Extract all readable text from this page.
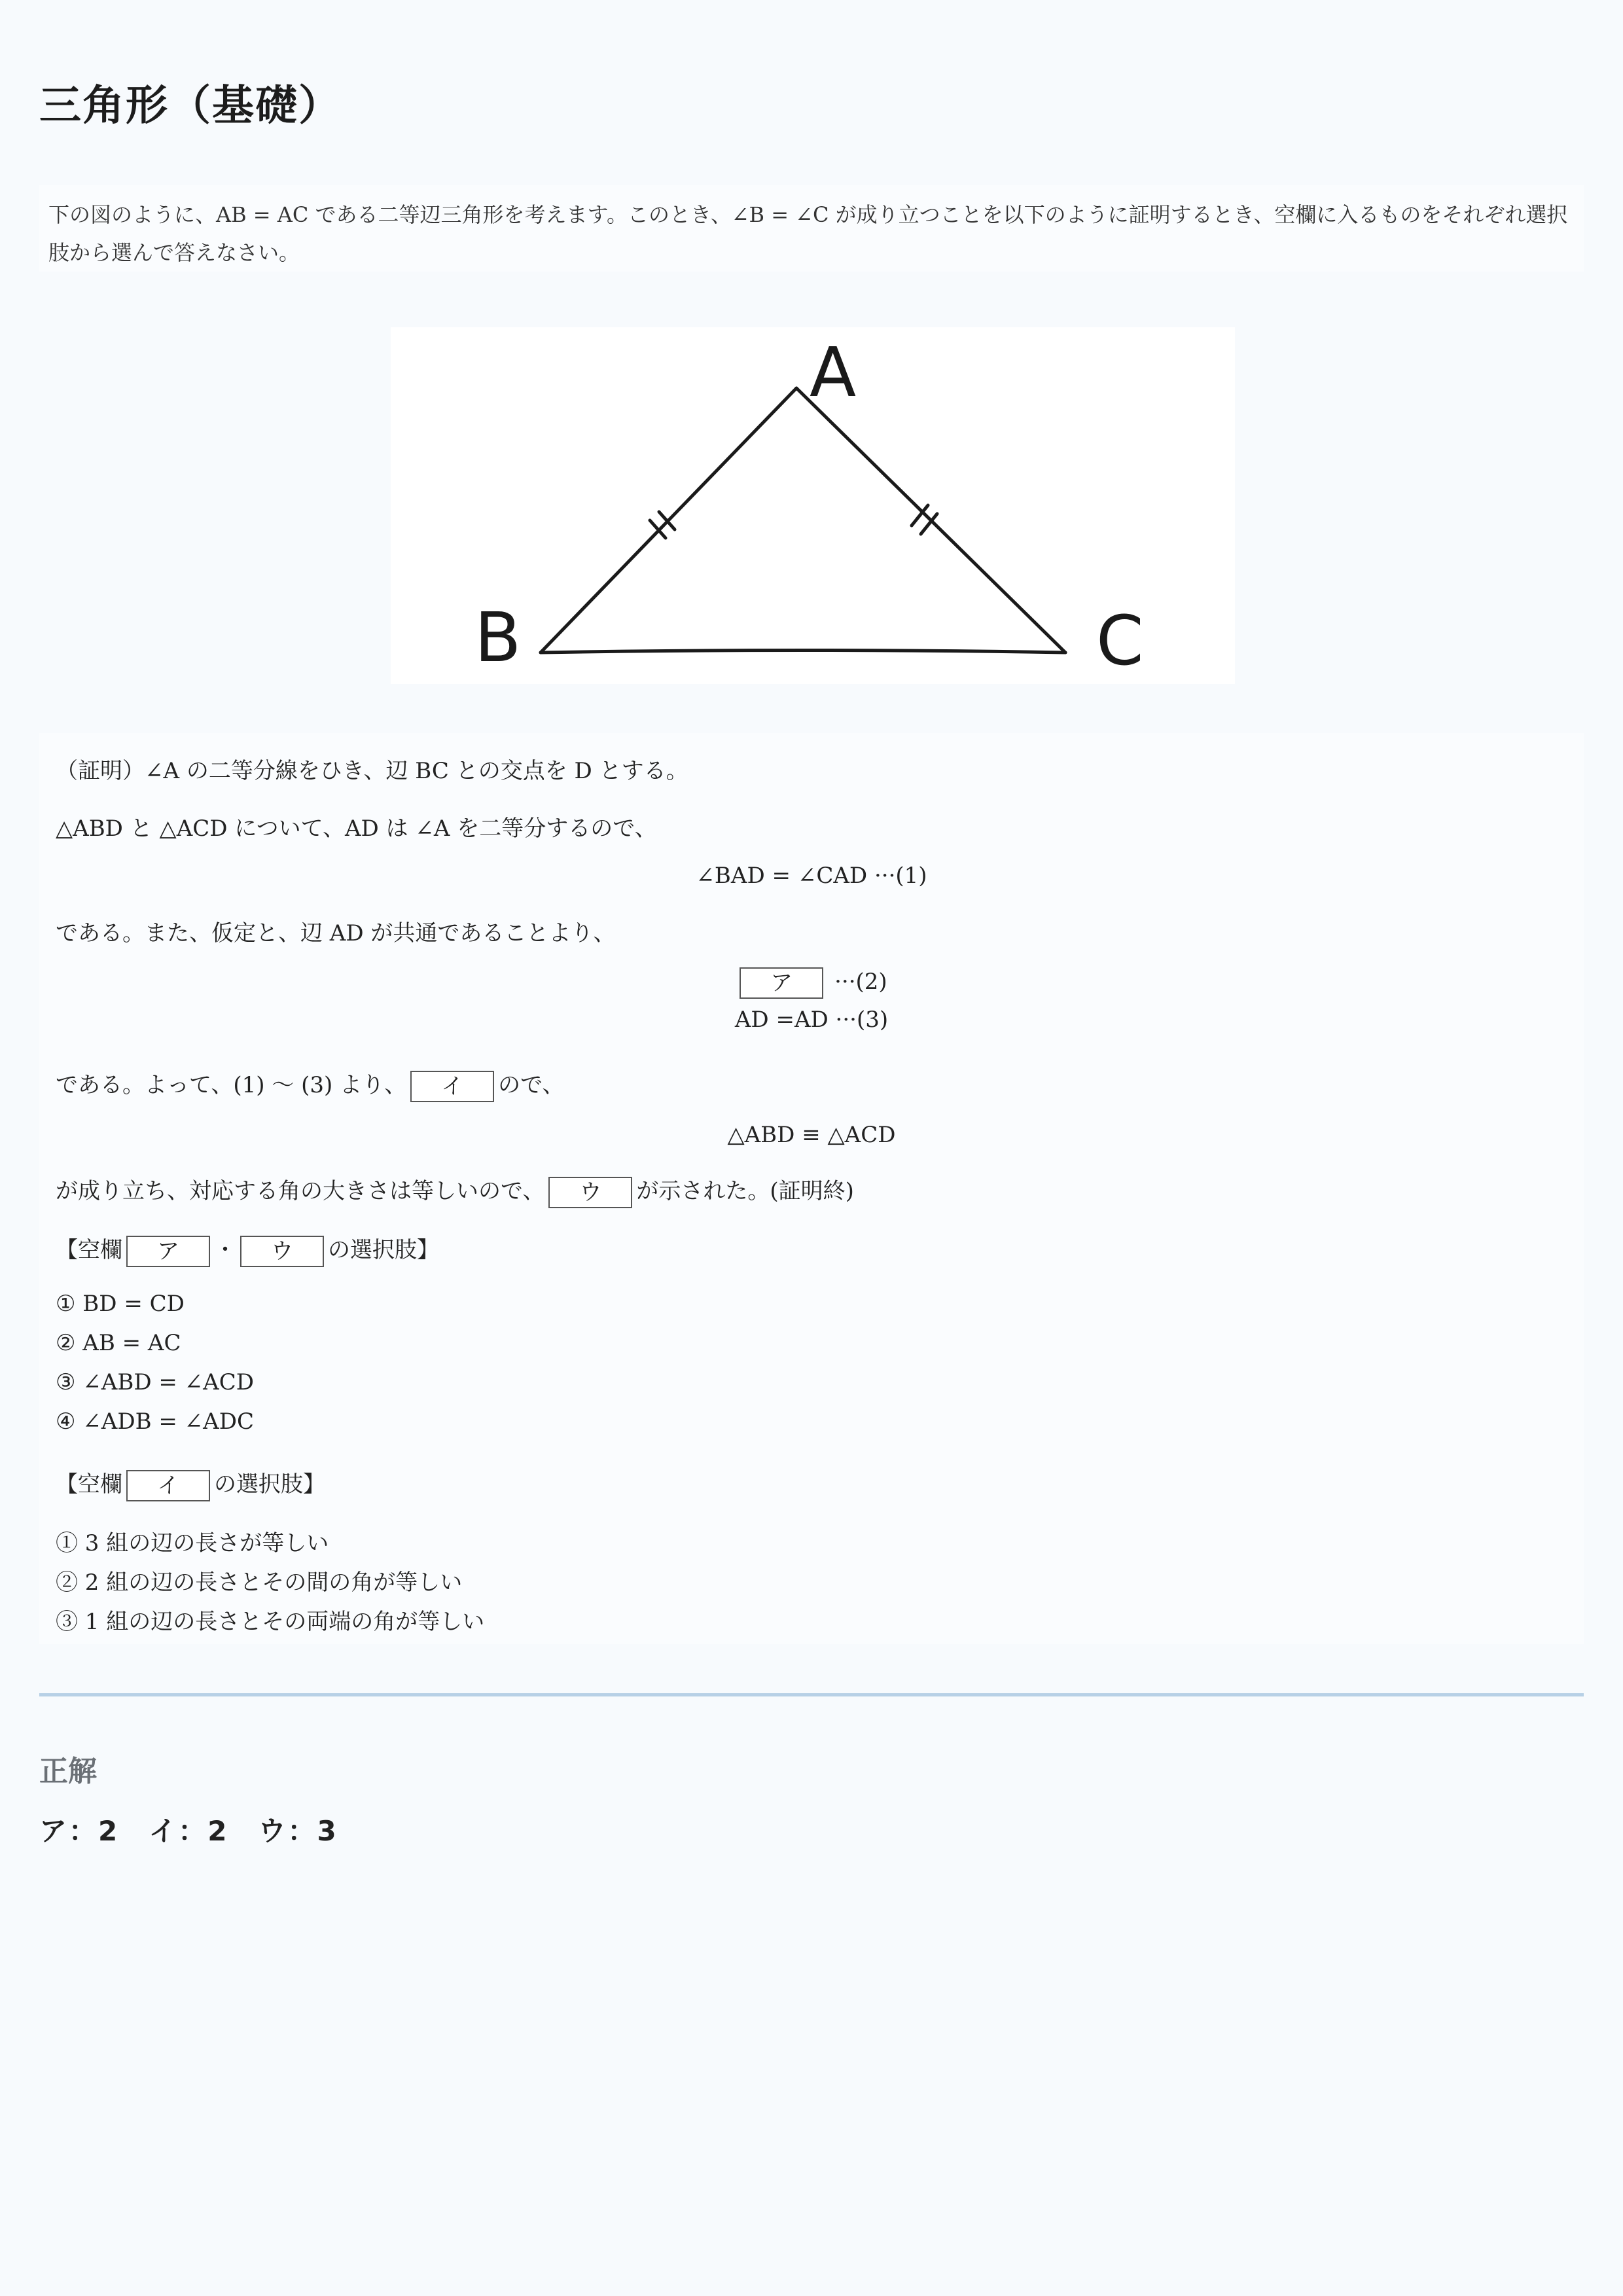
三角形（基礎）
下の図のように、AB = AC である二等辺三角形を考えます。このとき、∠B = ∠C が成り立つことを以下のように証明するとき、空欄に入るものをそれぞれ選択肢から選んで答えなさい。
A
B	C
（証明）∠A の二等分線をひき、辺 BC との交点を D とする。
△ABD と △ACD について、AD は ∠A を二等分するので、
∠BAD = ∠CAD ···(1)
である。また、仮定と、辺 AD が共通であることより、
ア ···(2)
AD =AD ···(3)
である。よって、(1) ～ (3) より、 イ ので、
△ABD ≡ △ACD
が成り立ち、対応する角の大きさは等しいので、 ウ が示された。(証明終)
【空欄 ア ・ ウ の選択肢】
① BD = CD
② AB = AC
③ ∠ABD = ∠ACD
④ ∠ADB = ∠ADC
【空欄 イ の選択肢】
① 3 組の辺の長さが等しい
② 2 組の辺の長さとその間の角が等しい
③ 1 組の辺の長さとその両端の角が等しい
正解

ア：2　イ：2　ウ：3
